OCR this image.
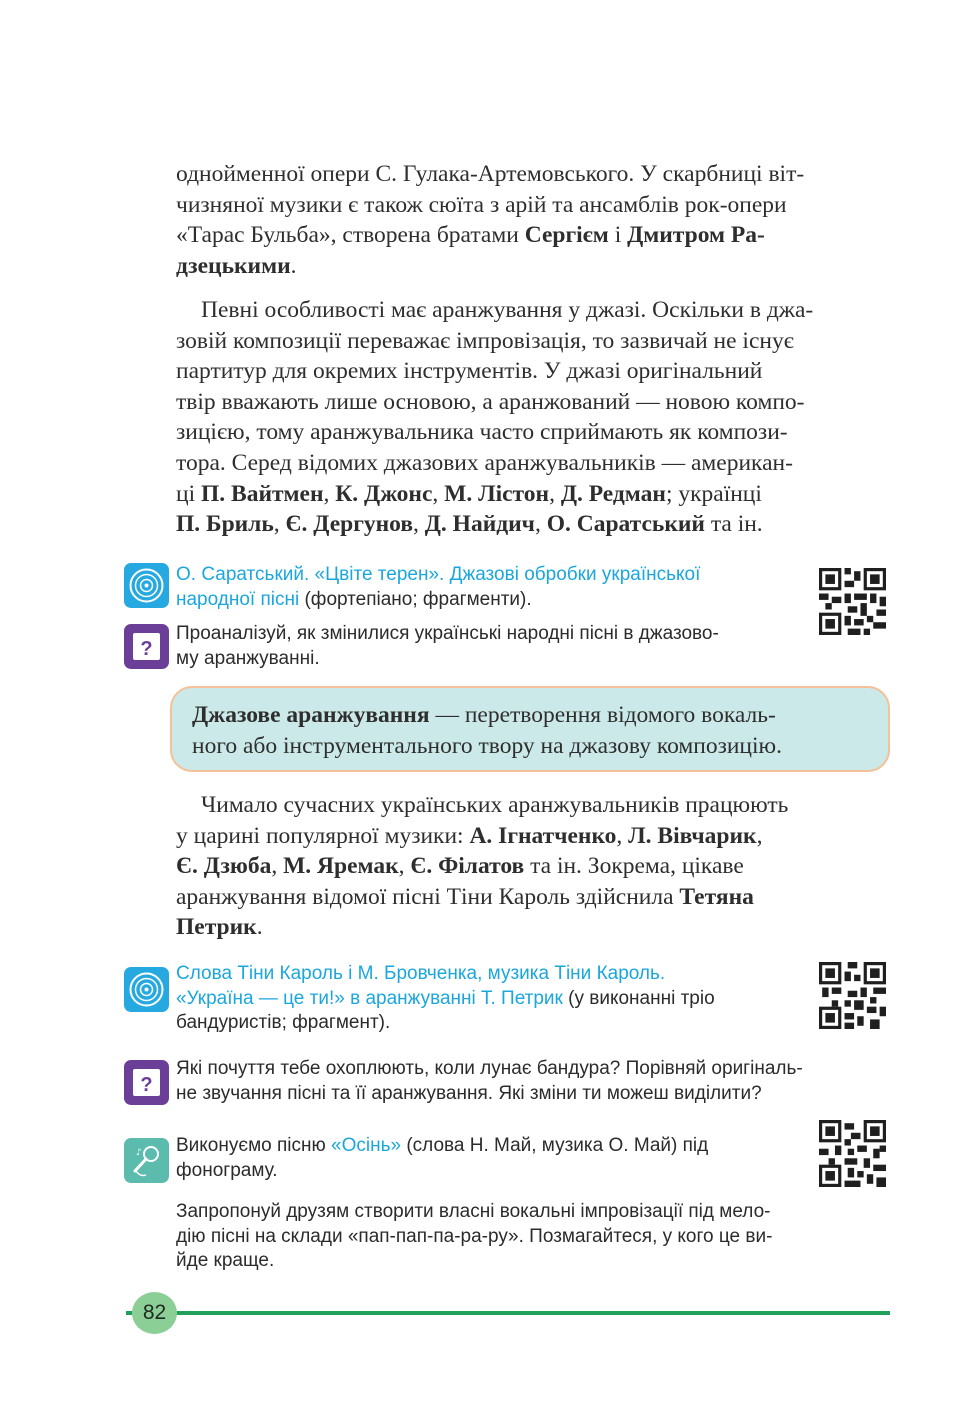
однойменної опери С. Гулака-Артемовського. У скарбниці віт-

чизняної музики є також сюїта з арій та ансамблів рок-опери

«Тарас Бульба», створена братами Сергієм і Дмитром Ра-

дзецькими.

Певні особливості має аранжування у джазі. Оскільки в джа-

зовій композиції переважає імпровізація, то зазвичай не існує

партитур для окремих інструментів. У джазі оригінальний

твір вважають лише основою, а аранжований — новою компо-

зицією, тому аранжувальника часто сприймають як компози-

тора. Серед відомих джазових аранжувальників — американ-

ці П. Вайтмен, К. Джонс, М. Лістон, Д. Редман; українці

П. Бриль, Є. Дергунов, Д. Найдич, О. Саратський та ін.

О. Саратський. «Цвіте терен». Джазові обробки української
народної пісні (фортепіано; фрагменти).
?
Проаналізуй, як змінилися українські народні пісні в джазово-
му аранжуванні.
Джазове аранжування — перетворення відомого вокаль-
ного або інструментального твору на джазову композицію.

Чимало сучасних українських аранжувальників працюють

у царині популярної музики: А. Ігнатченко, Л. Вівчарик,

Є. Дзюба, М. Яремак, Є. Філатов та ін. Зокрема, цікаве

аранжування відомої пісні Тіни Кароль здійснила Тетяна

Петрик.

Слова Тіни Кароль і М. Бровченка, музика Тіни Кароль.
«Україна — це ти!» в аранжуванні Т. Петрик (у виконанні тріо
бандуристів; фрагмент).
?
Які почуття тебе охоплюють, коли лунає бандура? Порівняй оригіналь-
не звучання пісні та її аранжування. Які зміни ти можеш виділити?
♪ Виконуємо пісню «Осінь» (слова Н. Май, музика О. Май) під
фонограму.
Запропонуй друзям створити власні вокальні імпровізації під мело-
дію пісні на склади «пап-пап-па-ра-ру». Позмагайтеся, у кого це ви-
йде краще.
82
